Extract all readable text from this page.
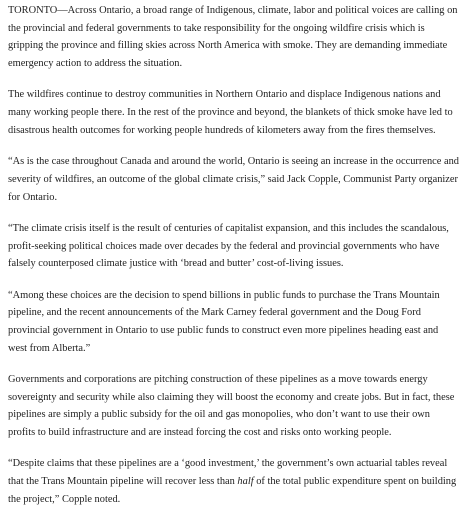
TORONTO—Across Ontario, a broad range of Indigenous, climate, labor and political voices are calling on the provincial and federal governments to take responsibility for the ongoing wildfire crisis which is gripping the province and filling skies across North America with smoke. They are demanding immediate emergency action to address the situation.

The wildfires continue to destroy communities in Northern Ontario and displace Indigenous nations and many working people there. In the rest of the province and beyond, the blankets of thick smoke have led to disastrous health outcomes for working people hundreds of kilometers away from the fires themselves.

“As is the case throughout Canada and around the world, Ontario is seeing an increase in the occurrence and severity of wildfires, an outcome of the global climate crisis,” said Jack Copple, Communist Party organizer for Ontario.

“The climate crisis itself is the result of centuries of capitalist expansion, and this includes the scandalous, profit-seeking political choices made over decades by the federal and provincial governments who have falsely counterposed climate justice with ‘bread and butter’ cost-of-living issues.

“Among these choices are the decision to spend billions in public funds to purchase the Trans Mountain pipeline, and the recent announcements of the Mark Carney federal government and the Doug Ford provincial government in Ontario to use public funds to construct even more pipelines heading east and west from Alberta.”

Governments and corporations are pitching construction of these pipelines as a move towards energy sovereignty and security while also claiming they will boost the economy and create jobs. But in fact, these pipelines are simply a public subsidy for the oil and gas monopolies, who don’t want to use their own profits to build infrastructure and are instead forcing the cost and risks onto working people.

“Despite claims that these pipelines are a ‘good investment,’ the government’s own actuarial tables reveal that the Trans Mountain pipeline will recover less than half of the total public expenditure spent on building the project,” Copple noted.
